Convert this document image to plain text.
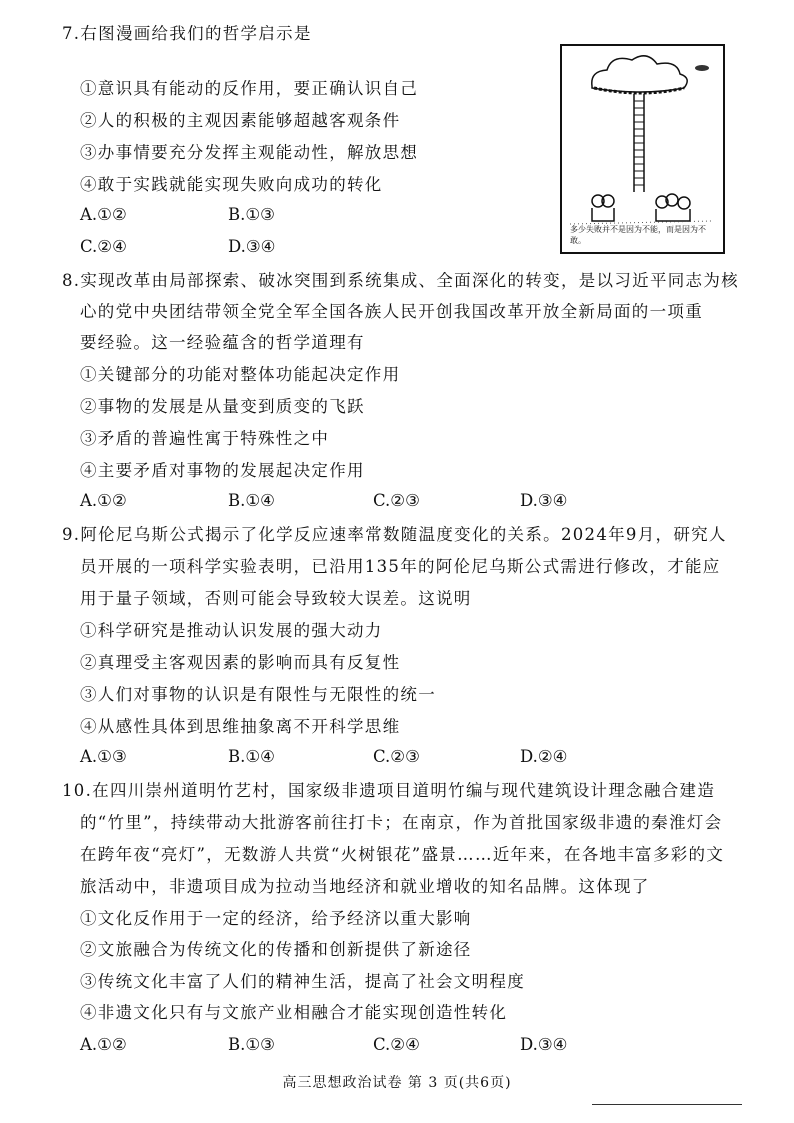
7.右图漫画给我们的哲学启示是
①意识具有能动的反作用，要正确认识自己
②人的积极的主观因素能够超越客观条件
③办事情要充分发挥主观能动性，解放思想
④敢于实践就能实现失败向成功的转化
A.①②	B.①③
C.②④	D.③④
多少失败并不是因为不能，而是因为不敢。
8.实现改革由局部探索、破冰突围到系统集成、全面深化的转变，是以习近平同志为核
心的党中央团结带领全党全军全国各族人民开创我国改革开放全新局面的一项重
要经验。这一经验蕴含的哲学道理有
①关键部分的功能对整体功能起决定作用
②事物的发展是从量变到质变的飞跃
③矛盾的普遍性寓于特殊性之中
④主要矛盾对事物的发展起决定作用
A.①②	B.①④	C.②③	D.③④
9.阿伦尼乌斯公式揭示了化学反应速率常数随温度变化的关系。2024年9月，研究人
员开展的一项科学实验表明，已沿用135年的阿伦尼乌斯公式需进行修改，才能应
用于量子领域，否则可能会导致较大误差。这说明
①科学研究是推动认识发展的强大动力
②真理受主客观因素的影响而具有反复性
③人们对事物的认识是有限性与无限性的统一
④从感性具体到思维抽象离不开科学思维
A.①③	B.①④	C.②③	D.②④
10.在四川崇州道明竹艺村，国家级非遗项目道明竹编与现代建筑设计理念融合建造
的“竹里”，持续带动大批游客前往打卡；在南京，作为首批国家级非遗的秦淮灯会
在跨年夜“亮灯”，无数游人共赏“火树银花”盛景……近年来，在各地丰富多彩的文
旅活动中，非遗项目成为拉动当地经济和就业增收的知名品牌。这体现了
①文化反作用于一定的经济，给予经济以重大影响
②文旅融合为传统文化的传播和创新提供了新途径
③传统文化丰富了人们的精神生活，提高了社会文明程度
④非遗文化只有与文旅产业相融合才能实现创造性转化
A.①②	B.①③	C.②④	D.③④
高三思想政治试卷 第 3 页(共6页)
